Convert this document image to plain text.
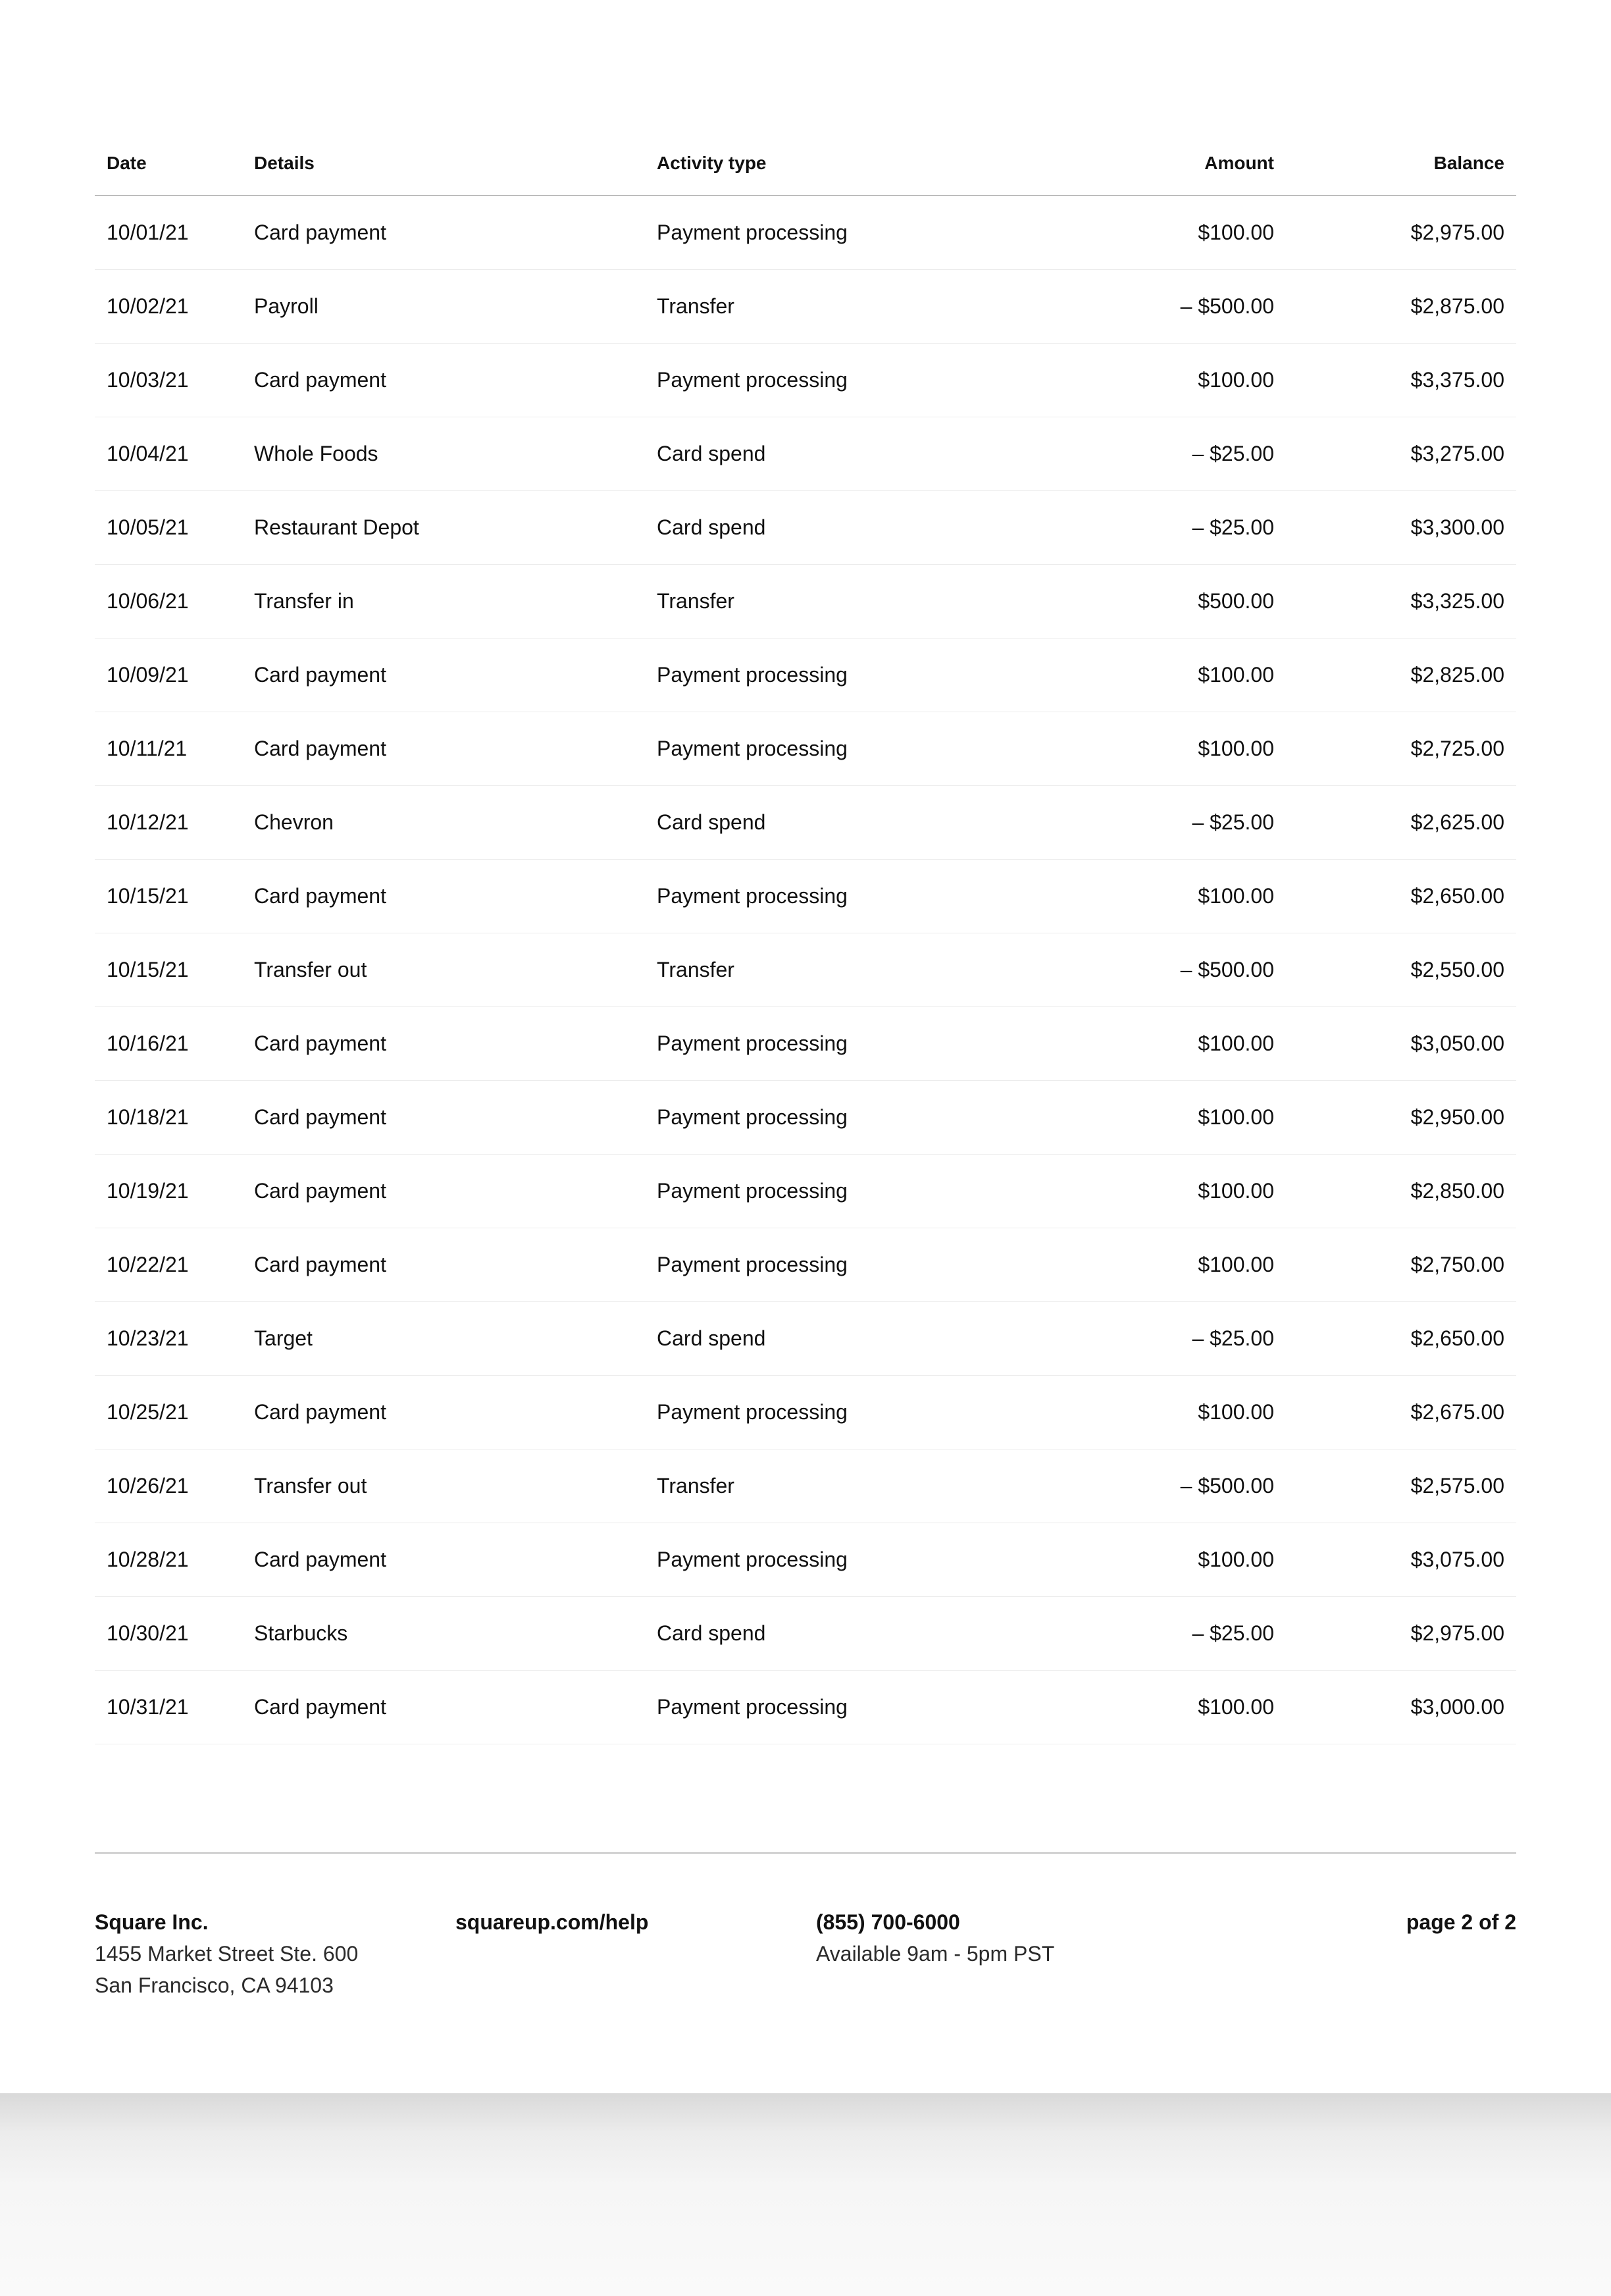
Date	Details	Activity type	Amount	Balance
10/01/21	Card payment	Payment processing	$100.00	$2,975.00
10/02/21	Payroll	Transfer	– $500.00	$2,875.00
10/03/21	Card payment	Payment processing	$100.00	$3,375.00
10/04/21	Whole Foods	Card spend	– $25.00	$3,275.00
10/05/21	Restaurant Depot	Card spend	– $25.00	$3,300.00
10/06/21	Transfer in	Transfer	$500.00	$3,325.00
10/09/21	Card payment	Payment processing	$100.00	$2,825.00
10/11/21	Card payment	Payment processing	$100.00	$2,725.00
10/12/21	Chevron	Card spend	– $25.00	$2,625.00
10/15/21	Card payment	Payment processing	$100.00	$2,650.00
10/15/21	Transfer out	Transfer	– $500.00	$2,550.00
10/16/21	Card payment	Payment processing	$100.00	$3,050.00
10/18/21	Card payment	Payment processing	$100.00	$2,950.00
10/19/21	Card payment	Payment processing	$100.00	$2,850.00
10/22/21	Card payment	Payment processing	$100.00	$2,750.00
10/23/21	Target	Card spend	– $25.00	$2,650.00
10/25/21	Card payment	Payment processing	$100.00	$2,675.00
10/26/21	Transfer out	Transfer	– $500.00	$2,575.00
10/28/21	Card payment	Payment processing	$100.00	$3,075.00
10/30/21	Starbucks	Card spend	– $25.00	$2,975.00
10/31/21	Card payment	Payment processing	$100.00	$3,000.00
Square Inc.
1455 Market Street Ste. 600
San Francisco, CA 94103
squareup.com/help	(855) 700-6000
Available 9am - 5pm PST
page 2 of 2
